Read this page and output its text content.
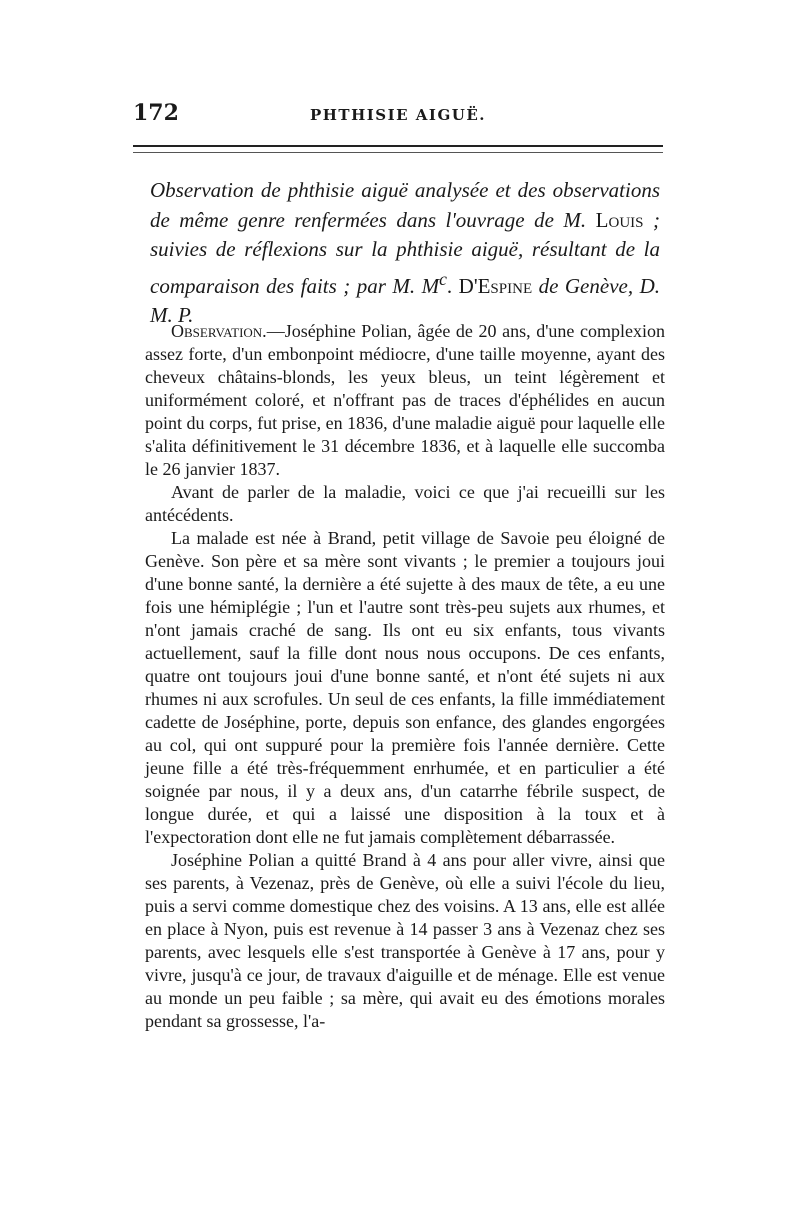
172	PHTHISIE AIGUË.

Observation de phthisie aiguë analysée et des observations de même genre renfermées dans l'ouvrage de M. Louis ; suivies de réflexions sur la phthisie aiguë, résultant de la comparaison des faits ; par M. $M^c$. D'Espine de Genève, D. M. P.

Observation.—Joséphine Polian, âgée de 20 ans, d'une complexion assez forte, d'un embonpoint médiocre, d'une taille moyenne, ayant des cheveux châtains-blonds, les yeux bleus, un teint légèrement et uniformément coloré, et n'offrant pas de traces d'éphélides en aucun point du corps, fut prise, en 1836, d'une maladie aiguë pour laquelle elle s'alita définitivement le 31 décembre 1836, et à laquelle elle succomba le 26 janvier 1837.

Avant de parler de la maladie, voici ce que j'ai recueilli sur les antécédents.

La malade est née à Brand, petit village de Savoie peu éloigné de Genève. Son père et sa mère sont vivants ; le premier a toujours joui d'une bonne santé, la dernière a été sujette à des maux de tête, a eu une fois une hémiplégie ; l'un et l'autre sont très-peu sujets aux rhumes, et n'ont jamais craché de sang. Ils ont eu six enfants, tous vivants actuellement, sauf la fille dont nous nous occupons. De ces enfants, quatre ont toujours joui d'une bonne santé, et n'ont été sujets ni aux rhumes ni aux scrofules. Un seul de ces enfants, la fille immédiatement cadette de Joséphine, porte, depuis son enfance, des glandes engorgées au col, qui ont suppuré pour la première fois l'année dernière. Cette jeune fille a été très-fréquemment enrhumée, et en particulier a été soignée par nous, il y a deux ans, d'un catarrhe fébrile suspect, de longue durée, et qui a laissé une disposition à la toux et à l'expectoration dont elle ne fut jamais complètement débarrassée.

Joséphine Polian a quitté Brand à 4 ans pour aller vivre, ainsi que ses parents, à Vezenaz, près de Genève, où elle a suivi l'école du lieu, puis a servi comme domestique chez des voisins. A 13 ans, elle est allée en place à Nyon, puis est revenue à 14 passer 3 ans à Vezenaz chez ses parents, avec lesquels elle s'est transportée à Genève à 17 ans, pour y vivre, jusqu'à ce jour, de travaux d'aiguille et de ménage. Elle est venue au monde un peu faible ; sa mère, qui avait eu des émotions morales pendant sa grossesse, l'a-
